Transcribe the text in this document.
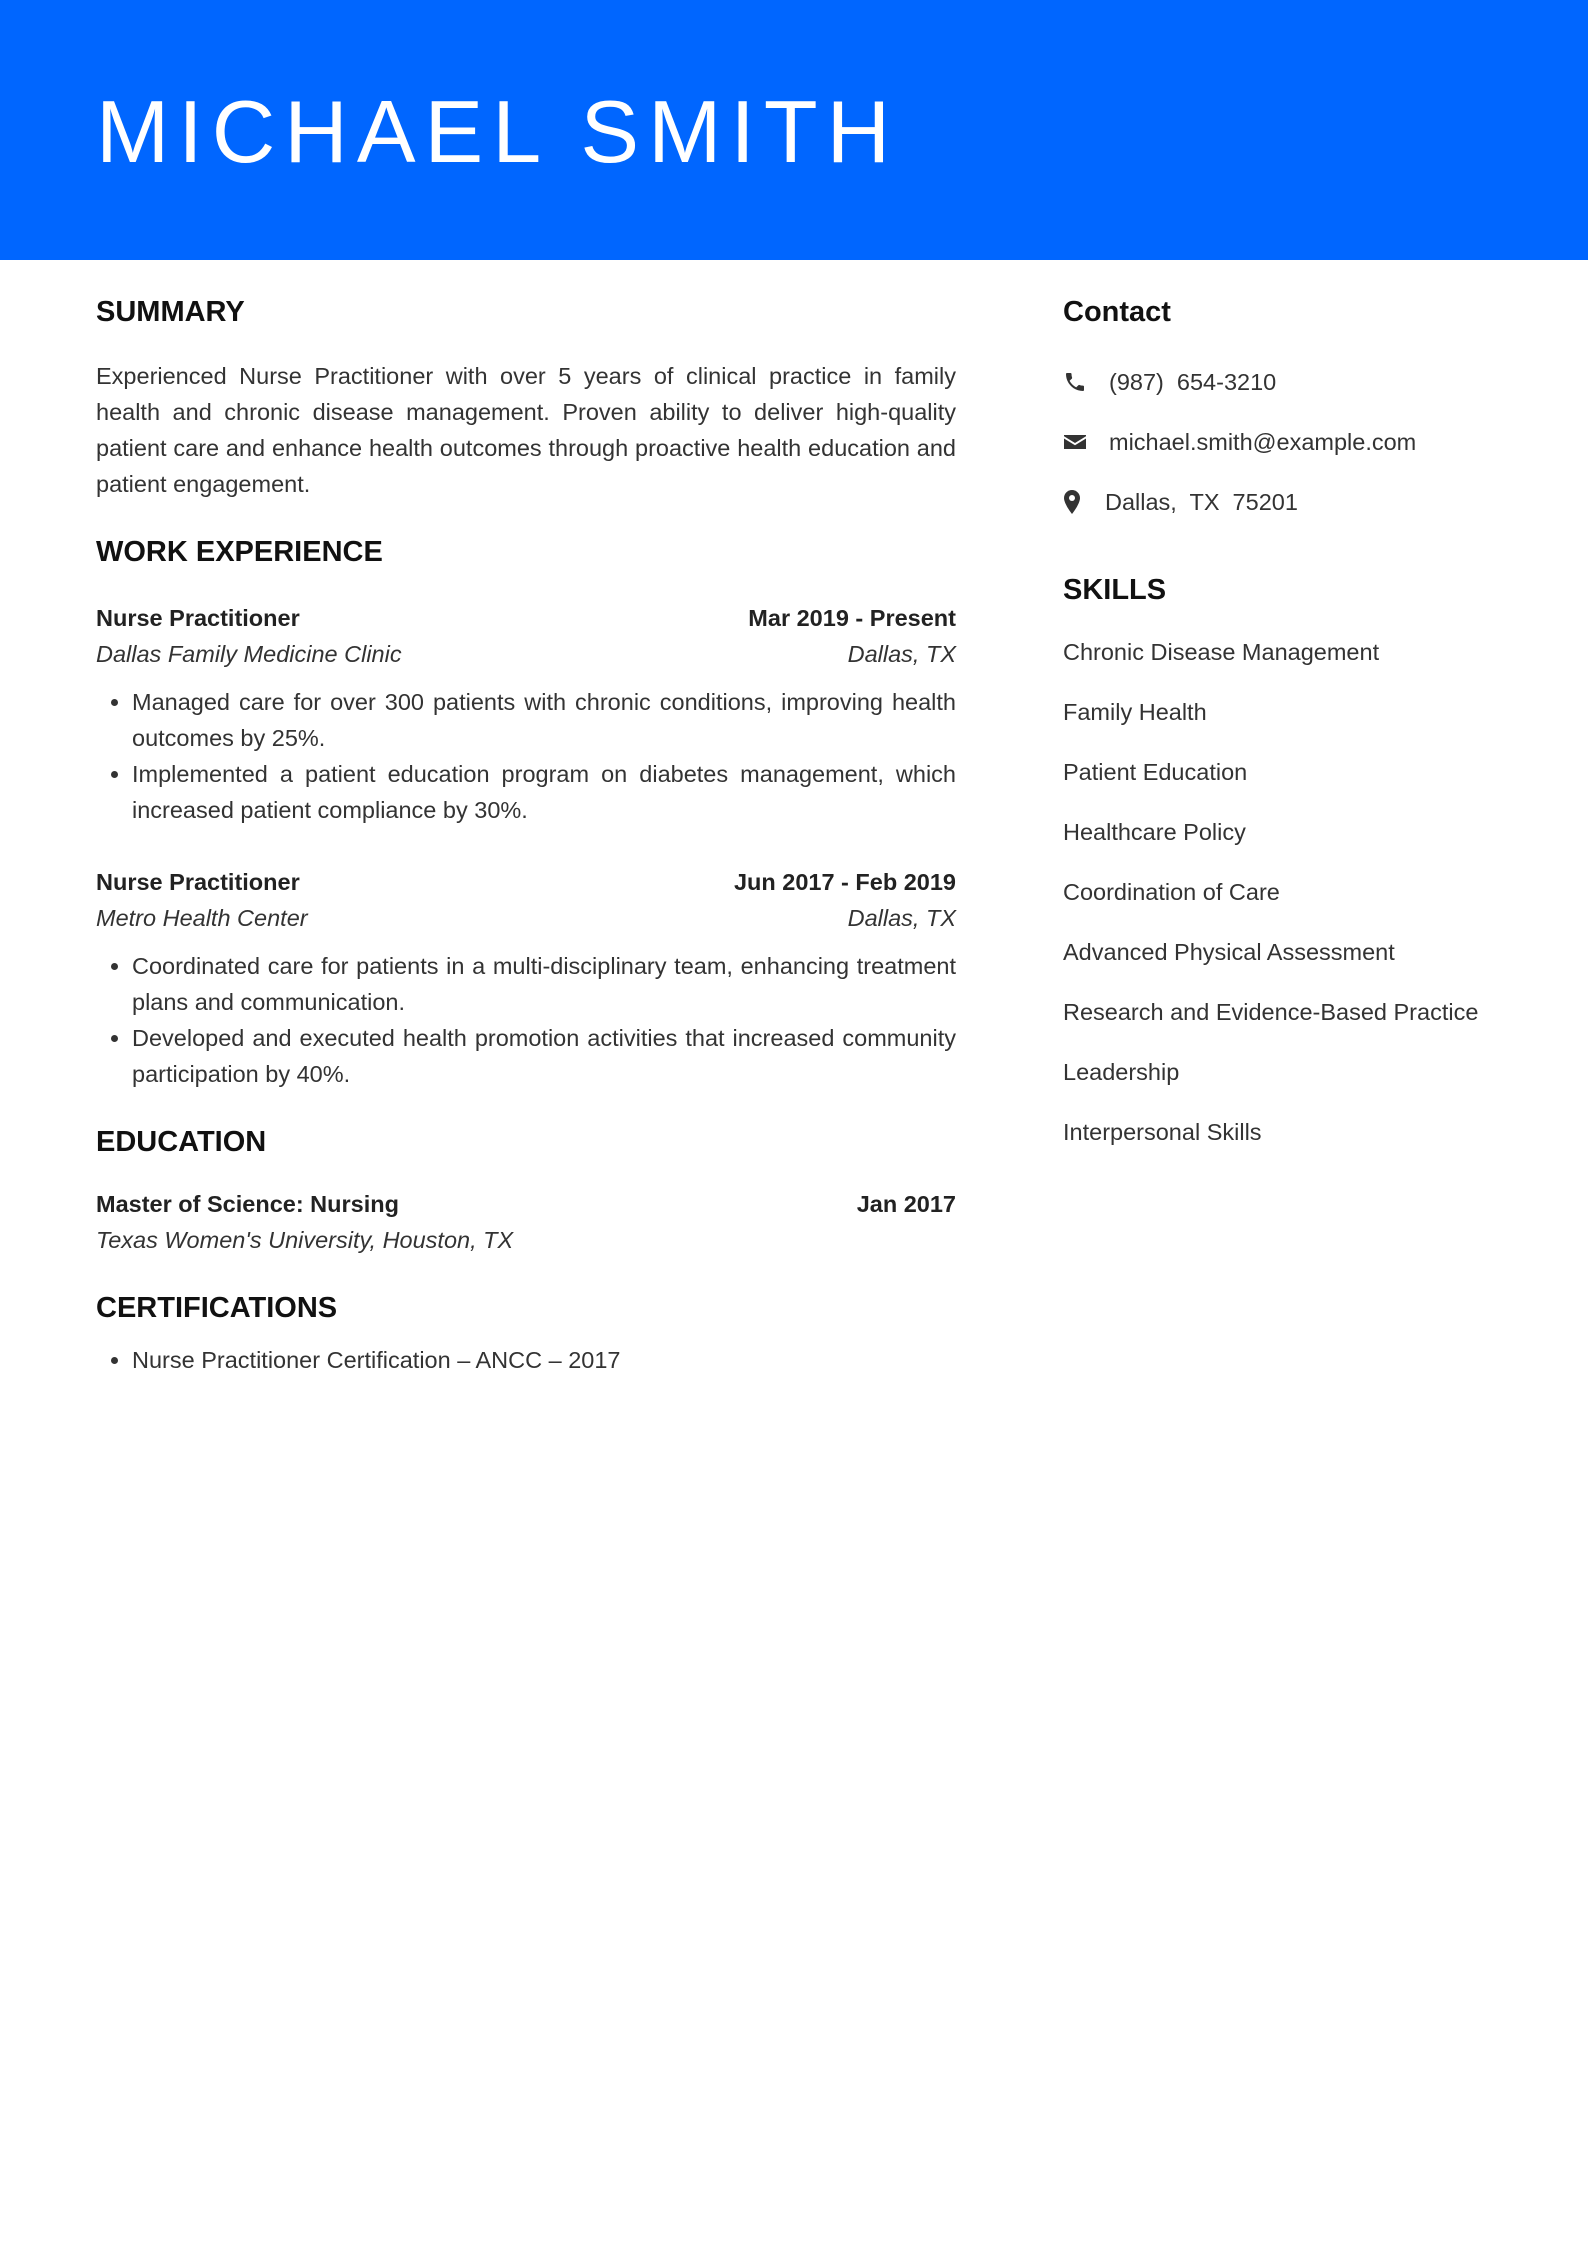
MICHAEL SMITH
SUMMARY

Experienced Nurse Practitioner with over 5 years of clinical practice in family health and chronic disease management. Proven ability to deliver high-quality patient care and enhance health outcomes through proactive health education and patient engagement.

WORK EXPERIENCE
Nurse Practitioner	Mar 2019 - Present
Dallas Family Medicine Clinic	Dallas, TX
• Managed care for over 300 patients with chronic conditions, improving health outcomes by 25%.
• Implemented a patient education program on diabetes management, which increased patient compliance by 30%.
Nurse Practitioner	Jun 2017 - Feb 2019
Metro Health Center	Dallas, TX
• Coordinated care for patients in a multi-disciplinary team, enhancing treatment plans and communication.
• Developed and executed health promotion activities that increased community participation by 40%.
EDUCATION
Master of Science: Nursing	Jan 2017
Texas Women's University, Houston, TX
CERTIFICATIONS
• Nurse Practitioner Certification – ANCC – 2017
Contact
(987)  654-3210
michael.smith@example.com
Dallas,  TX  75201
SKILLS
Chronic Disease Management
Family Health
Patient Education
Healthcare Policy
Coordination of Care
Advanced Physical Assessment
Research and Evidence-Based Practice
Leadership
Interpersonal Skills
